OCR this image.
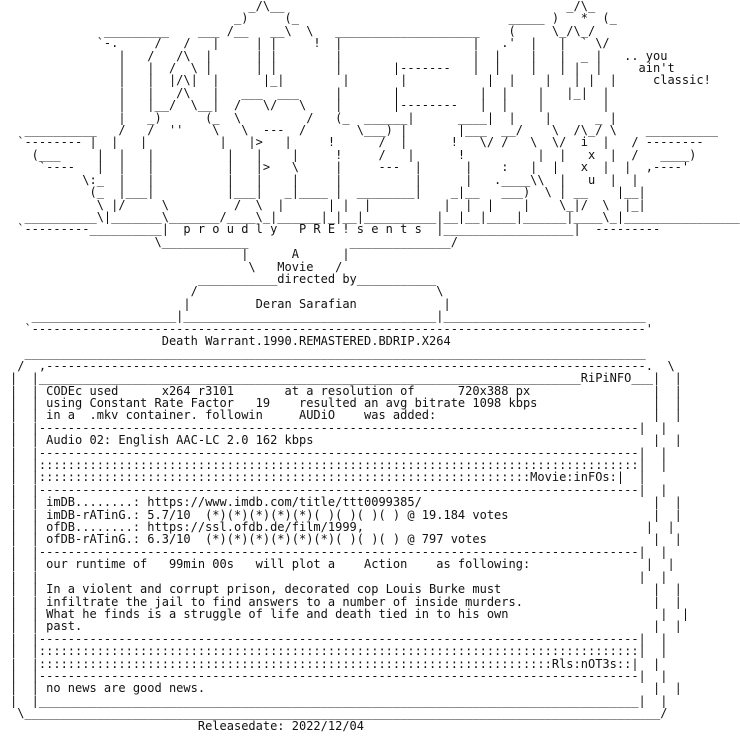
_/\__                                       _/\_
_)     (_                             _____ )   *  (_
_________    ___ /__   __\  \   ____________________    (     \_/\_/
`-.     /   /   |     | |     !  |                  |   .'  |   |  ` \/
|   /   /\  |      | |        |                  |  |    |   |  _ |   .. you
|   |  /  \ |      | |        |       |-------   |  |    |   | |  |     ain't
|   |  |/\|  |      |_|        |       |           |  |    |   | |  |     classic!
|   |   /\   |   ___  ___     |       |           |  |    |   |_|  |
|   |__/  \__|  /   \/   \    |       |--------   |  |    |        |
|   _)      (_  \         /   (_  ______|      ____|  |    |      _ |
__________   /   /  ''    \   \  ---  /       \___) |       |___  __/    \  /\_/ \    __________
`-------- |  |   |          |   |>   |     !      /  |      !   \/ /   \  \/  i  |   / --------
(___     |  |   |          |   |    |     !     /   |      !          |  |   x  |  /   ____)
`----   |  |   |          |   |>   \     |     ---  |      |    :   |  |   x  |  |  ,----'
\:_  |   |          |   |    |     |          |      |   .____\\  |   u  |  |
(_  |___|          |___|   _|____ |  ________|    _|__   ___)  \ | __    |__|
\ |/     \         /  \  |      | |  |          |  |  |    |    \_|/  \  |_|
__________\|_______\_______/____\_|______|_|__|__________|__|__|____|______|____\_|________________
`---------__________|  p r o u d l y   P R E ! s e n t s  |__________________|  ---------
\____________              ______________/
|      A      |
\   Movie   /
___________directed by___________
/                                 \
|         Deran Sarafian            |
____________________|___________________________________|____________________________
`-------------------------------------------------------------------------------------'
Death Warrant.1990.REMASTERED.BDRIP.X264
______________________________________________________________________________________
/  ,-----------------------------------------------------------------------------------.  \
|  |___________________________________________________________________________RiPiNFO___|  |
|  | CODEc used      x264 r3101       at a resolution of      720x388 px                 |  |
|  | using Constant Rate Factor   19    resulted an avg bitrate 1098 kbps                |  |
|  | in a  .mkv container. followin     AUDiO    was added:                              |  |
|  |-----------------------------------------------------------------------------------|  |
|  | Audio 02: English AAC-LC 2.0 162 kbps                                               |  |
|  |-----------------------------------------------------------------------------------|  |
|  |:::::::::::::::::::::::::::::::::::::::::::::::::::::::::::::::::::::::::::::::::::|  |
|  |::::::::::::::::::::::::::::::::::::::::::::::::::::::::::::::::::::Movie:inFOs:|  |
|  |-----------------------------------------------------------------------------------|  |
|  | imDB........: https://www.imdb.com/title/ttt0099385/                                |  |
|  | imDB-rATinG.: 5.7/10  (*)(*)(*)(*)(*)( )( )( )( ) @ 19.184 votes                    |  |
|  | ofDB........: https://ssl.ofdb.de/film/1999,                                       |  |
|  | ofDB-rATinG.: 6.3/10  (*)(*)(*)(*)(*)(*)( )( )( ) @ 797 votes                       |  |
|  |-----------------------------------------------------------------------------------|  |
|  | our runtime of   99min 00s   will plot a    Action    as following:                |  |
|  |                                                                                   |  |
|  | In a violent and corrupt prison, decorated cop Louis Burke must                     |  |
|  | infiltrate the jail to find answers to a number of inside murders.                  |  |
|  | What he finds is a struggle of life and death tied in to his own                     |  |
|  | past.                                                                               |  |
|  |-----------------------------------------------------------------------------------|  |
|  |:::::::::::::::::::::::::::::::::::::::::::::::::::::::::::::::::::::::::::::::::::|  |
|  |:::::::::::::::::::::::::::::::::::::::::::::::::::::::::::::::::::::::Rls:nOT3s::|  |
|  |-----------------------------------------------------------------------------------|  |
|  | no news are good news.                                                              |  |
|  |___________________________________________________________________________________|  |
\________________________________________________________________________________________/
Releasedate: 2022/12/04
